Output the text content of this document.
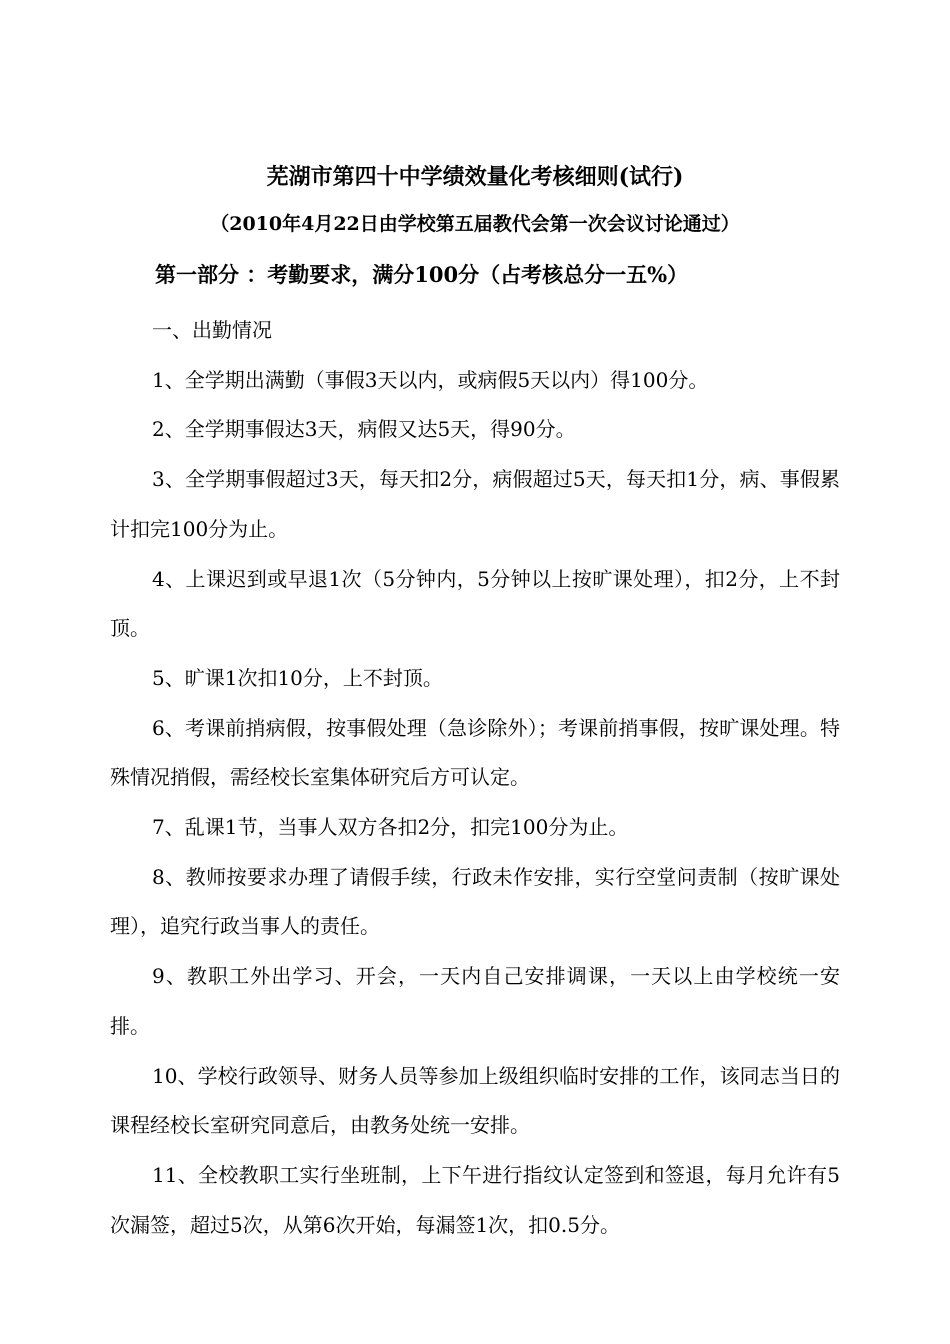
芜湖市第四十中学绩效量化考核细则(试行)
（2010年4月22日由学校第五届教代会第一次会议讨论通过）
第一部分 ：考勤要求，满分100分（占考核总分一五%）

一、出勤情况

1、全学期出满勤（事假3天以内，或病假5天以内）得100分。

2、全学期事假达3天，病假又达5天，得90分。

3、全学期事假超过3天，每天扣2分，病假超过5天，每天扣1分，病、事假累计扣完100分为止。

4、上课迟到或早退1次（5分钟内，5分钟以上按旷课处理），扣2分，上不封顶。

5、旷课1次扣10分，上不封顶。

6、考课前捎病假，按事假处理（急诊除外）；考课前捎事假，按旷课处理。特殊情况捎假，需经校长室集体研究后方可认定。

7、乱课1节，当事人双方各扣2分，扣完100分为止。

8、教师按要求办理了请假手续，行政未作安排，实行空堂问责制（按旷课处理），追究行政当事人的责任。

9、教职工外出学习、开会，一天内自己安排调课，一天以上由学校统一安排。

10、学校行政领导、财务人员等参加上级组织临时安排的工作，该同志当日的课程经校长室研究同意后，由教务处统一安排。

11、全校教职工实行坐班制，上下午进行指纹认定签到和签退，每月允许有5次漏签，超过5次，从第6次开始，每漏签1次，扣0.5分。
